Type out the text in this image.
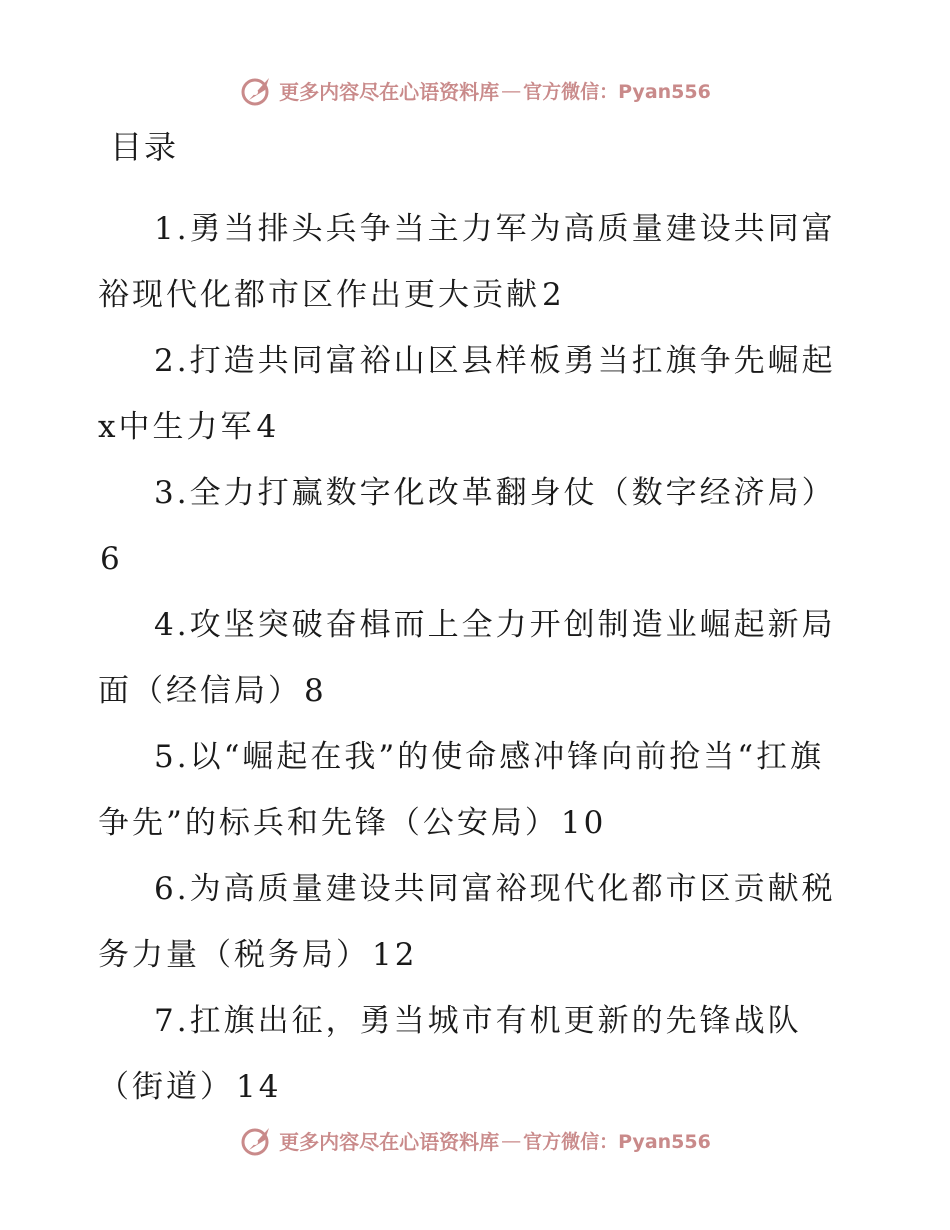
更多内容尽在心语资料库 — 官方微信：Pyan556
目录
1.勇当排头兵争当主力军为高质量建设共同富裕现代化都市区作出更大贡献2
2.打造共同富裕山区县样板勇当扛旗争先崛起x中生力军4
3.全力打赢数字化改革翻身仗（数字经济局）6
4.攻坚突破奋楫而上全力开创制造业崛起新局面（经信局）8
5.以“崛起在我”的使命感冲锋向前抢当“扛旗争先”的标兵和先锋（公安局）10
6.为高质量建设共同富裕现代化都市区贡献税务力量（税务局）12
7.扛旗出征，勇当城市有机更新的先锋战队（街道）14
更多内容尽在心语资料库 — 官方微信：Pyan556
